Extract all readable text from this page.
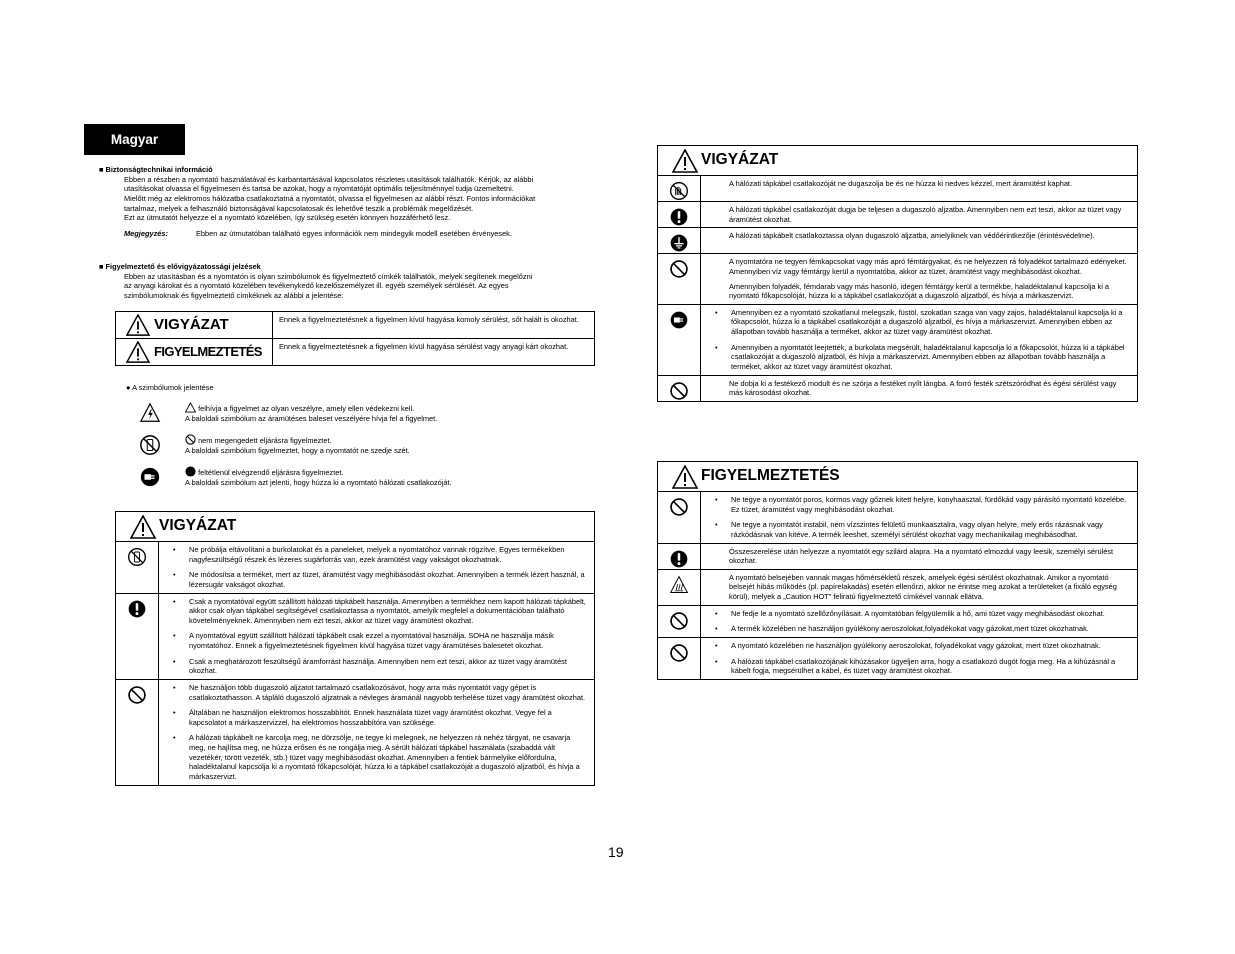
Magyar
■ Biztonságtechnikai információ
Ebben a részben a nyomtató használatával és karbantartásával kapcsolatos részletes utasítások találhatók. Kérjük, az alábbi
utasításokat olvassa el figyelmesen és tartsa be azokat, hogy a nyomtatóját optimális teljesítménnyel tudja üzemeltetni.
Mielőtt még az elektromos hálózatba csatlakoztatná a nyomtatót, olvassa el figyelmesen az alábbi részt. Fontos információkat
tartalmaz, melyek a felhasználó biztonságával kapcsolatosak és lehetővé teszik a problémák megelőzését.
Ezt az útmutatót helyezze el a nyomtató közelében, így szükség esetén könnyen hozzáférhető lesz.
Megjegyzés:	Ebben az útmutatóban található egyes információk nem mindegyik modell esetében érvényesek.
■ Figyelmeztető és elővigyázatossági jelzések
Ebben az utasításban és a nyomtatón is olyan szimbólumok és figyelmeztető címkék találhatók, melyek segítenek megelőzni
az anyagi károkat és a nyomtató közelében tevékenykedő kezelőszemélyzet ill. egyéb személyek sérülését. Az egyes
szimbólumoknak és figyelmeztető címkéknek az alábbi a jelentése:
VIGYÁZAT	Ennek a figyelmeztetésnek a figyelmen kívül hagyása komoly sérülést, sőt halált is okozhat.
FIGYELMEZTETÉS	Ennek a figyelmeztetésnek a figyelmen kívül hagyása sérülést vagy anyagi kárt okozhat.
● A szimbólumok jelentése
felhívja a figyelmet az olyan veszélyre, amely ellen védekezni kell.
A baloldali szimbólum az áramütéses baleset veszélyére hívja fel a figyelmet.
nem megengedett eljárásra figyelmeztet.
A baloldali szimbólum figyelmeztet, hogy a nyomtatót ne szedje szét.
feltétlenül elvégzendő eljárásra figyelmeztet.
A baloldali szimbólum azt jelenti, hogy húzza ki a nyomtató hálózati csatlakozóját.
VIGYÁZAT
• Ne próbálja eltávolítani a burkolatokat és a paneleket, melyek a nyomtatóhoz vannak rögzítve. Egyes termékekben nagyfeszültségű részek és lézeres sugárforrás van, ezek áramütést vagy vakságot okozhatnak.
• Ne módosítsa a terméket, mert az tüzet, áramütést vagy meghibásodást okozhat. Amennyiben a termék lézert használ, a lézersugár vakságot okozhat.
• Csak a nyomtatóval együtt szállított hálózati tápkábelt használja. Amennyiben a termékhez nem kapott hálózati tápkábelt, akkor csak olyan tápkábel segítségével csatlakoztassa a nyomtatót, amelyik megfelel a dokumentációban található követelményeknek. Amennyiben nem ezt teszi, akkor az tüzet vagy áramütést okozhat.
• A nyomtatóval együtt szállított hálózati tápkábelt csak ezzel a nyomtatóval használja. SOHA ne használja másik nyomtatóhoz. Ennek a figyelmeztetésnek figyelmen kívül hagyása tüzet vagy áramütéses balesetet okozhat.
• Csak a meghatározott feszültségű áramforrást használja. Amennyiben nem ezt teszi, akkor az tüzet vagy áramütést okozhat.
• Ne használjon több dugaszoló aljzatot tartalmazó csatlakozósávot, hogy arra más nyomtatót vagy gépet is csatlakoztathasson. A tápláló dugaszoló aljzatnak a névleges áramánál nagyobb terhelése tüzet vagy áramütést okozhat.
• Általában ne használjon elektromos hosszabbítót. Ennek használata tüzet vagy áramütést okozhat. Vegye fel a kapcsolatot a márkaszervizzel, ha elektromos hosszabbítóra van szüksége.
• A hálózati tápkábelt ne karcolja meg, ne dörzsölje, ne tegye ki melegnek, ne helyezzen rá nehéz tárgyat, ne csavarja meg, ne hajlítsa meg, ne húzza erősen és ne rongálja meg. A sérült hálózati tápkábel használata (szabaddá vált vezetékér, törött vezeték, stb.) tüzet vagy meghibásodást okozhat. Amennyiben a fentiek bármelyike előfordulna, haladéktalanul kapcsolja ki a nyomtató főkapcsolóját, húzza ki a tápkábel csatlakozóját a dugaszoló aljzatból, és hívja a márkaszervizt.
VIGYÁZAT

A hálózati tápkábel csatlakozóját ne dugaszolja be és ne húzza ki nedves kézzel, mert áramütést kaphat.

A hálózati tápkábel csatlakozóját dugja be teljesen a dugaszoló aljzatba. Amennyiben nem ezt teszi, akkor az tüzet vagy áramütést okozhat.

A hálózati tápkábelt csatlakoztassa olyan dugaszoló aljzatba, amelyiknek van védőérintkezője (érintésvédelme).

A nyomtatóra ne tegyen fémkapcsokat vagy más apró fémtárgyakat, és ne helyezzen rá folyadékot tartalmazó edényeket. Amennyiben víz vagy fémtárgy kerül a nyomtatóba, akkor az tüzet, áramütést vagy meghibásodást okozhat.

Amennyiben folyadék, fémdarab vagy más hasonló, idegen fémtárgy kerül a termékbe, haladéktalanul kapcsolja ki a nyomtató főkapcsolóját, húzza ki a tápkábel csatlakozóját a dugaszoló aljzatból, és hívja a márkaszervizt.

• Amennyiben ez a nyomtató szokatlanul melegszik, füstöl, szokatlan szaga van vagy zajos, haladéktalanul kapcsolja ki a főkapcsolót, húzza ki a tápkábel csatlakozóját a dugaszoló aljzatból, és hívja a márkaszervizt. Amennyiben ebben az állapotban tovább használja a terméket, akkor az tüzet vagy áramütést okozhat.
• Amennyiben a nyomtatót leejtették, a burkolata megsérült, haladéktalanul kapcsolja ki a főkapcsolót, húzza ki a tápkábel csatlakozóját a dugaszoló aljzatból, és hívja a márkaszervizt. Amennyiben ebben az állapotban tovább használja a terméket, akkor az tüzet vagy áramütést okozhat.

Ne dobja ki a festékező modult és ne szórja a festéket nyílt lángba. A forró festék szétszóródhat és égési sérülést vagy más károsodást okozhat.

FIGYELMEZTETÉS
• Ne tegye a nyomtatót poros, kormos vagy gőznek kitett helyre, konyhaasztal, fürdőkád vagy párásító nyomtató közelébe. Ez tüzet, áramütést vagy meghibásodást okozhat.
• Ne tegye a nyomtatót instabil, nem vízszintes felületű munkaasztalra, vagy olyan helyre, mely erős rázásnak vagy rázkódásnak van kitéve. A termék leeshet, személyi sérülést okozhat vagy mechanikailag meghibásodhat.

Összeszerelése után helyezze a nyomtatót egy szilárd alapra. Ha a nyomtató elmozdul vagy leesik, személyi sérülést okozhat.

A nyomtató belsejében vannak magas hőmérsékletű részek, amelyek égési sérülést okozhatnak. Amikor a nyomtató belsejét hibás működés (pl. papírelakadás) esetén ellenőrzi, akkor ne érintse meg azokat a területeket (a fixáló egység körül), melyek a „Caution HOT" feliratú figyelmeztető címkével vannak ellátva.

• Ne fedje le a nyomtató szellőzőnyílásait. A nyomtatóban felgyülemlik a hő, ami tüzet vagy meghibásodást okozhat.
• A termék közelében ne használjon gyúlékony aeroszolokat,folyadékokat vagy gázokat,mert tüzet okozhatnak.
• A nyomtató közelében ne használjon gyúlékony aeroszolokat, folyadékokat vagy gázokat, mert tüzet okozhatnak.
• A hálózati tápkábel csatlakozójának kihúzásakor ügyeljen arra, hogy a csatlakozó dugót fogja meg. Ha a kihúzásnál a kábelt fogja, megsérülhet a kábel, és tüzet vagy áramütést okozhat.
19
